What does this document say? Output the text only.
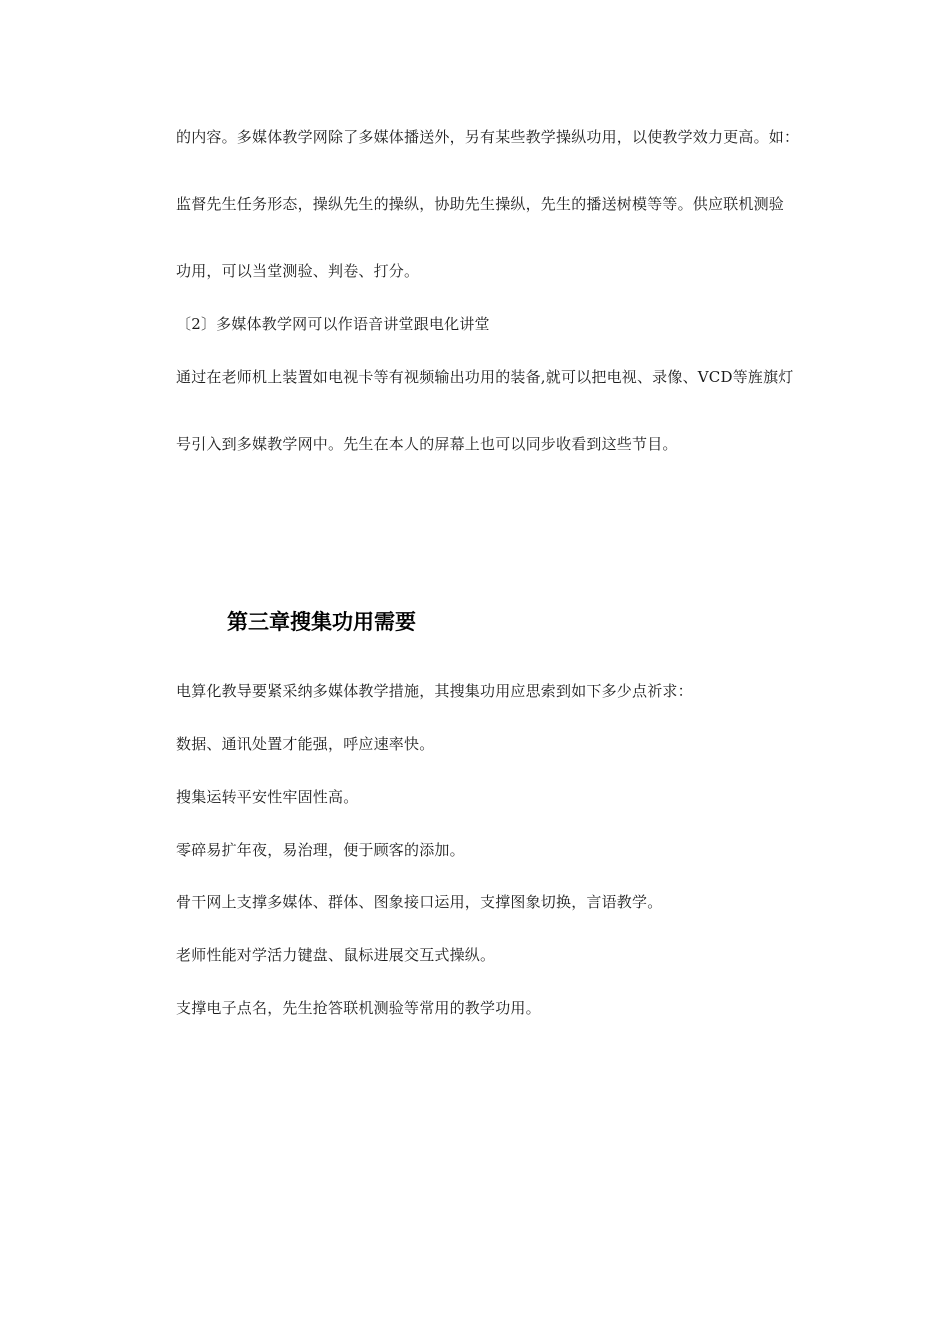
的内容。多媒体教学网除了多媒体播送外，另有某些教学操纵功用，以使教学效力更高。如：
监督先生任务形态，操纵先生的操纵，协助先生操纵，先生的播送树模等等。供应联机测验
功用，可以当堂测验、判卷、打分。
〔2〕多媒体教学网可以作语音讲堂跟电化讲堂
通过在老师机上装置如电视卡等有视频输出功用的装备,就可以把电视、录像、VCD等旌旗灯
号引入到多媒教学网中。先生在本人的屏幕上也可以同步收看到这些节目。
第三章搜集功用需要
电算化教导要紧采纳多媒体教学措施，其搜集功用应思索到如下多少点祈求：
数据、通讯处置才能强，呼应速率快。
搜集运转平安性牢固性高。
零碎易扩年夜，易治理，便于顾客的添加。
骨干网上支撑多媒体、群体、图象接口运用，支撑图象切换，言语教学。
老师性能对学活力键盘、鼠标进展交互式操纵。
支撑电子点名，先生抢答联机测验等常用的教学功用。
